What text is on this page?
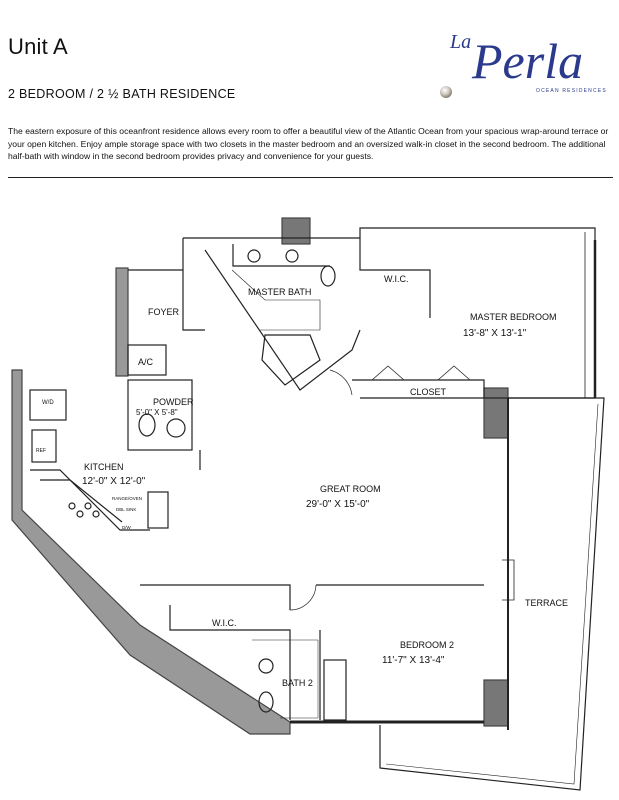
Unit A
2 BEDROOM / 2 ½ BATH RESIDENCE
The eastern exposure of this oceanfront residence allows every room to offer a beautiful view of the Atlantic Ocean from your spacious wrap-around terrace or your open kitchen. Enjoy ample storage space with two closets in the master bedroom and an oversized walk-in closet in the second bedroom. The additional half-bath with window in the second bedroom provides privacy and convenience for your guests.
La Perla
OCEAN RESIDENCES
FOYER
MASTER BATH
W.I.C.
MASTER BEDROOM
13'-8" X 13'-1"
A/C
CLOSET
POWDER
5'-0" X 5'-8"
W/D
REF
KITCHEN
12'-0" X 12'-0"
RANGE/OVEN
DBL SINK
D/W
GREAT ROOM
29'-0" X 15'-0"
TERRACE
W.I.C.
BEDROOM 2
11'-7" X 13'-4"
BATH 2
